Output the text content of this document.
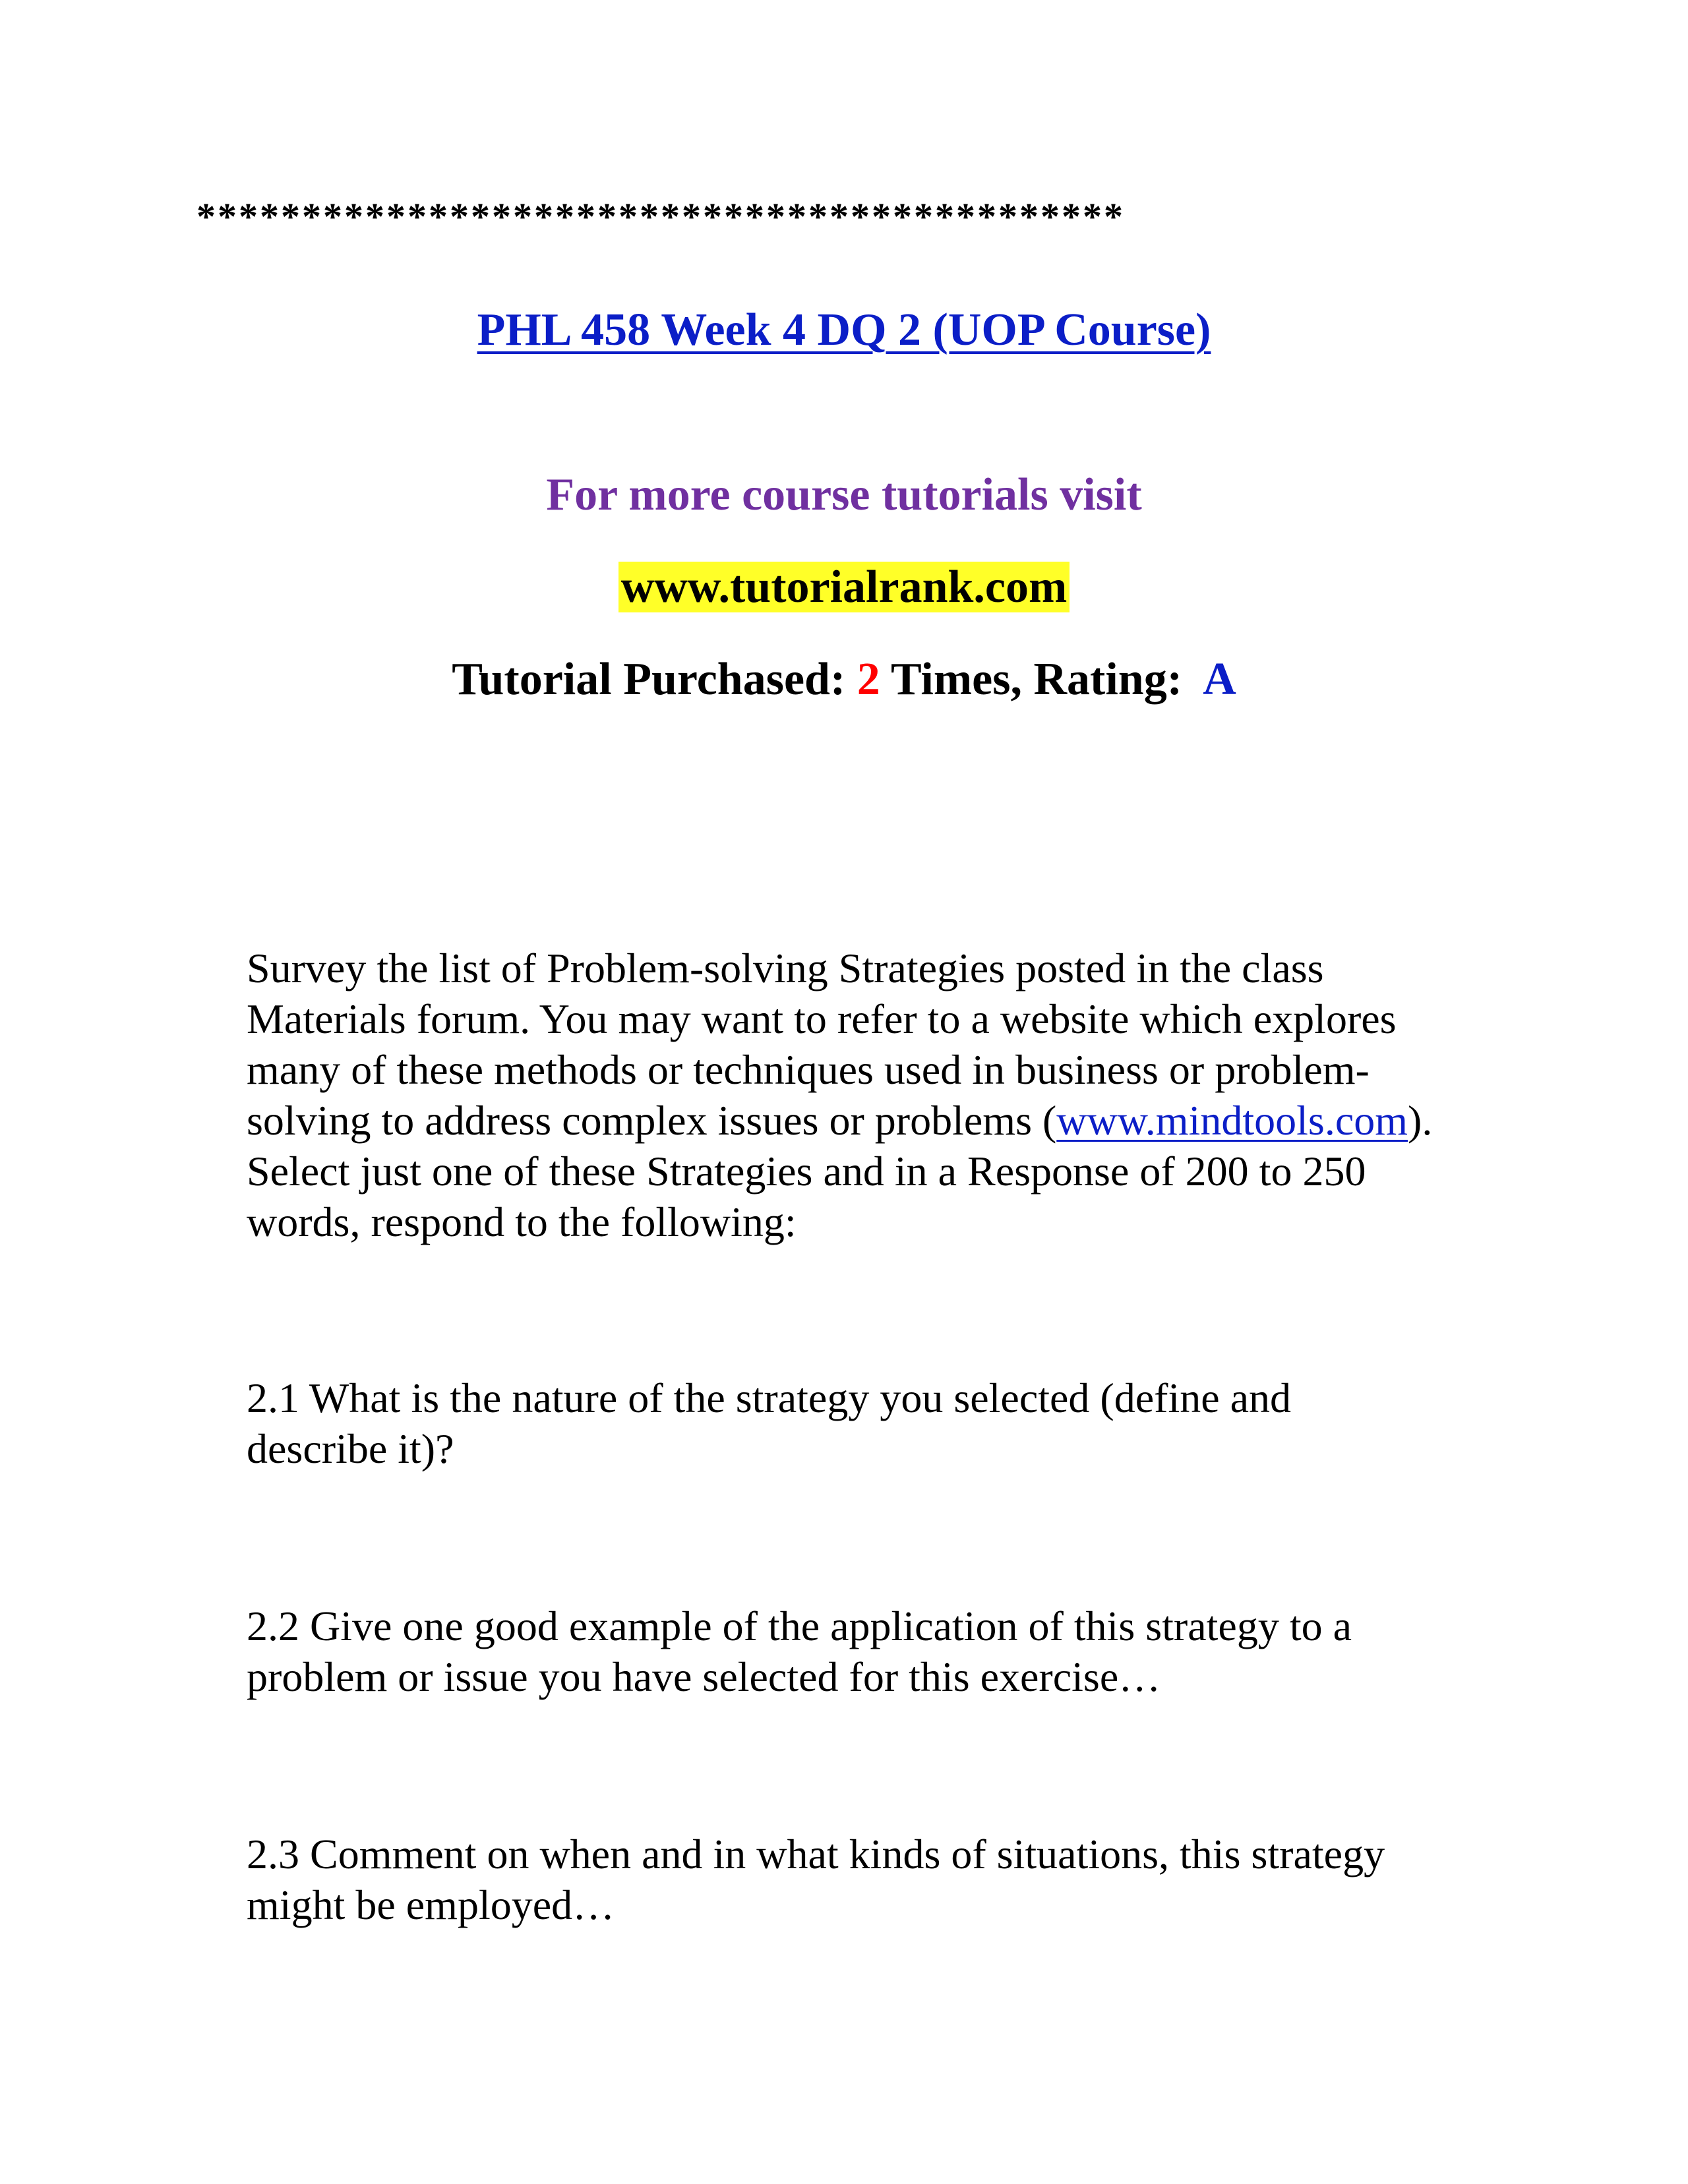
********************************************
PHL 458 Week 4 DQ 2 (UOP Course)
For more course tutorials visit
www.tutorialrank.com
Tutorial Purchased: 2 Times, Rating:  A
Survey the list of Problem-solving Strategies posted in the class
Materials forum. You may want to refer to a website which explores
many of these methods or techniques used in business or problem-
solving to address complex issues or problems (www.mindtools.com).
Select just one of these Strategies and in a Response of 200 to 250
words, respond to the following:
2.1 What is the nature of the strategy you selected (define and
describe it)?
2.2 Give one good example of the application of this strategy to a
problem or issue you have selected for this exercise…
2.3 Comment on when and in what kinds of situations, this strategy
might be employed…
